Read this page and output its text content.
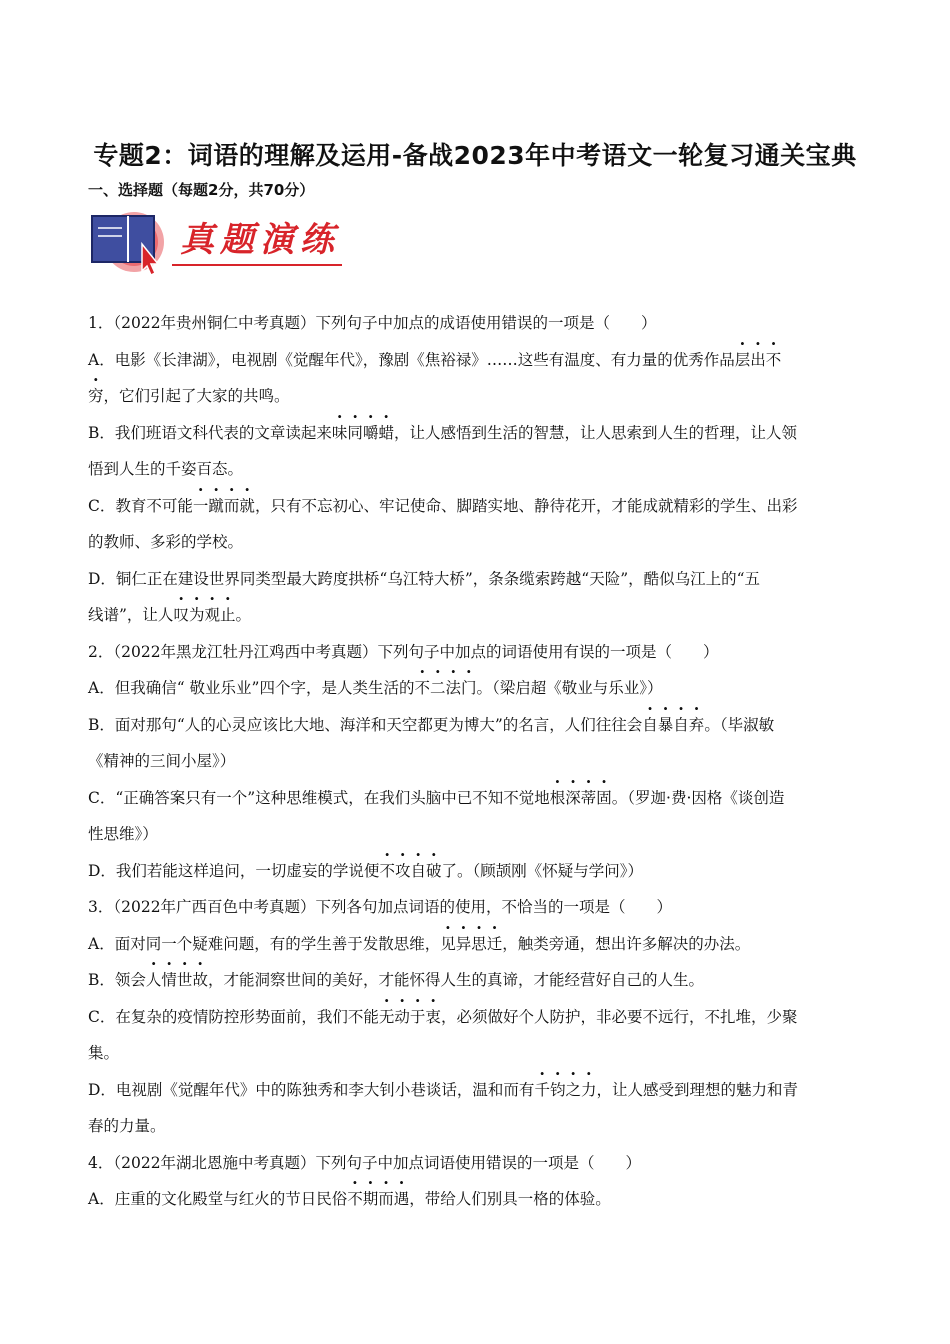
专题2：词语的理解及运用-备战2023年中考语文一轮复习通关宝典
一、选择题（每题2分，共70分）
真题演练

1．（2022年贵州铜仁中考真题）下列句子中加点的成语使用错误的一项是（　　）

A．电影《长津湖》，电视剧《觉醒年代》，豫剧《焦裕禄》……这些有温度、有力量的优秀作品层出不

穷，它们引起了大家的共鸣。

B．我们班语文科代表的文章读起来味同嚼蜡，让人感悟到生活的智慧，让人思索到人生的哲理，让人领

悟到人生的千姿百态。

C．教育不可能一蹴而就，只有不忘初心、牢记使命、脚踏实地、静待花开，才能成就精彩的学生、出彩

的教师、多彩的学校。

D．铜仁正在建设世界同类型最大跨度拱桥“乌江特大桥”，条条缆索跨越“天险”，酷似乌江上的“五

线谱”，让人叹为观止。

2．（2022年黑龙江牡丹江鸡西中考真题）下列句子中加点的词语使用有误的一项是（　　）

A．但我确信“ 敬业乐业”四个字，是人类生活的不二法门。（梁启超《敬业与乐业》）

B．面对那句“人的心灵应该比大地、海洋和天空都更为博大”的名言，人们往往会自暴自弃。（毕淑敏

《精神的三间小屋》）

C．“正确答案只有一个”这种思维模式，在我们头脑中已不知不觉地根深蒂固。（罗迦·费·因格《谈创造

性思维》）

D．我们若能这样追问，一切虚妄的学说便不攻自破了。（顾颉刚《怀疑与学问》）

3．（2022年广西百色中考真题）下列各句加点词语的使用，不恰当的一项是（　　）

A．面对同一个疑难问题，有的学生善于发散思维，见异思迁，触类旁通，想出许多解决的办法。

B．领会人情世故，才能洞察世间的美好，才能怀得人生的真谛，才能经营好自己的人生。

C．在复杂的疫情防控形势面前，我们不能无动于衷，必须做好个人防护，非必要不远行，不扎堆，少聚

集。

D．电视剧《觉醒年代》中的陈独秀和李大钊小巷谈话，温和而有千钧之力，让人感受到理想的魅力和青

春的力量。

4．（2022年湖北恩施中考真题）下列句子中加点词语使用错误的一项是（　　）

A．庄重的文化殿堂与红火的节日民俗不期而遇，带给人们别具一格的体验。
